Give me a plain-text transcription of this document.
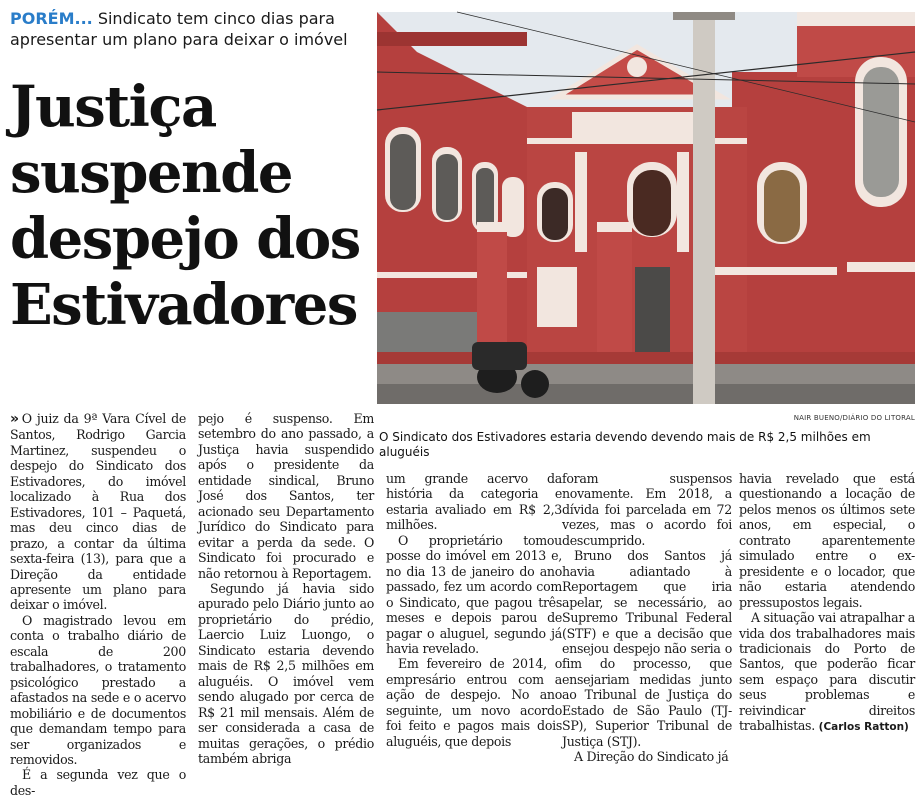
PORÉM... Sindicato tem cinco dias para apresentar um plano para deixar o imóvel
Justiça suspende despejo dos Estivadores
NAIR BUENO/DIÁRIO DO LITORAL
O Sindicato dos Estivadores estaria devendo devendo mais de R$ 2,5 milhões em aluguéis

» O juiz da 9ª Vara Cível de Santos, Rodrigo Garcia Martinez, suspendeu o despejo do Sindicato dos Estivadores, do imóvel localizado à Rua dos Estivadores, 101 – Paquetá, mas deu cinco dias de prazo, a contar da última sexta-feira (13), para que a Direção da entidade apresente um plano para deixar o imóvel.

O magistrado levou em conta o trabalho diário de escala de 200 trabalhadores, o tratamento psicológico prestado a afastados na sede e o acervo mobiliário e de documentos que demandam tempo para ser organizados e removidos.

É a segunda vez que o des-

pejo é suspenso. Em setembro do ano passado, a Justiça havia suspendido após o presidente da entidade sindical, Bruno José dos Santos, ter acionado seu Departamento Jurídico do Sindicato para evitar a perda da sede. O Sindicato foi procurado e não retornou à Reportagem.

Segundo já havia sido apurado pelo Diário junto ao proprietário do prédio, Laercio Luiz Luongo, o Sindicato estaria devendo mais de R$ 2,5 milhões em aluguéis. O imóvel vem sendo alugado por cerca de R$ 21 mil mensais. Além de ser considerada a casa de muitas gerações, o prédio também abriga

um grande acervo da história da categoria e estaria avaliado em R$ 2,3 milhões.

O proprietário tomou posse do imóvel em 2013 e, no dia 13 de janeiro do ano passado, fez um acordo com o Sindicato, que pagou três meses e depois parou de pagar o aluguel, segundo já havia revelado.

Em fevereiro de 2014, o empresário entrou com a ação de despejo. No ano seguinte, um novo acordo foi feito e pagos mais dois aluguéis, que depois

foram suspensos novamente. Em 2018, a dívida foi parcelada em 72 vezes, mas o acordo foi descumprido.

Bruno dos Santos já havia adiantado à Reportagem que iria apelar, se necessário, ao Supremo Tribunal Federal (STF) e que a decisão que ensejou despejo não seria o fim do processo, que ensejariam medidas junto ao Tribunal de Justiça do Estado de São Paulo (TJ-SP), Superior Tribunal de Justiça (STJ).

A Direção do Sindicato já

havia revelado que está questionando a locação de pelos menos os últimos sete anos, em especial, o contrato aparentemente simulado entre o ex-presidente e o locador, que não estaria atendendo pressupostos legais.

A situação vai atrapalhar a vida dos trabalhadores mais tradicionais do Porto de Santos, que poderão ficar sem espaço para discutir seus problemas e reivindicar direitos trabalhistas. (Carlos Ratton)
